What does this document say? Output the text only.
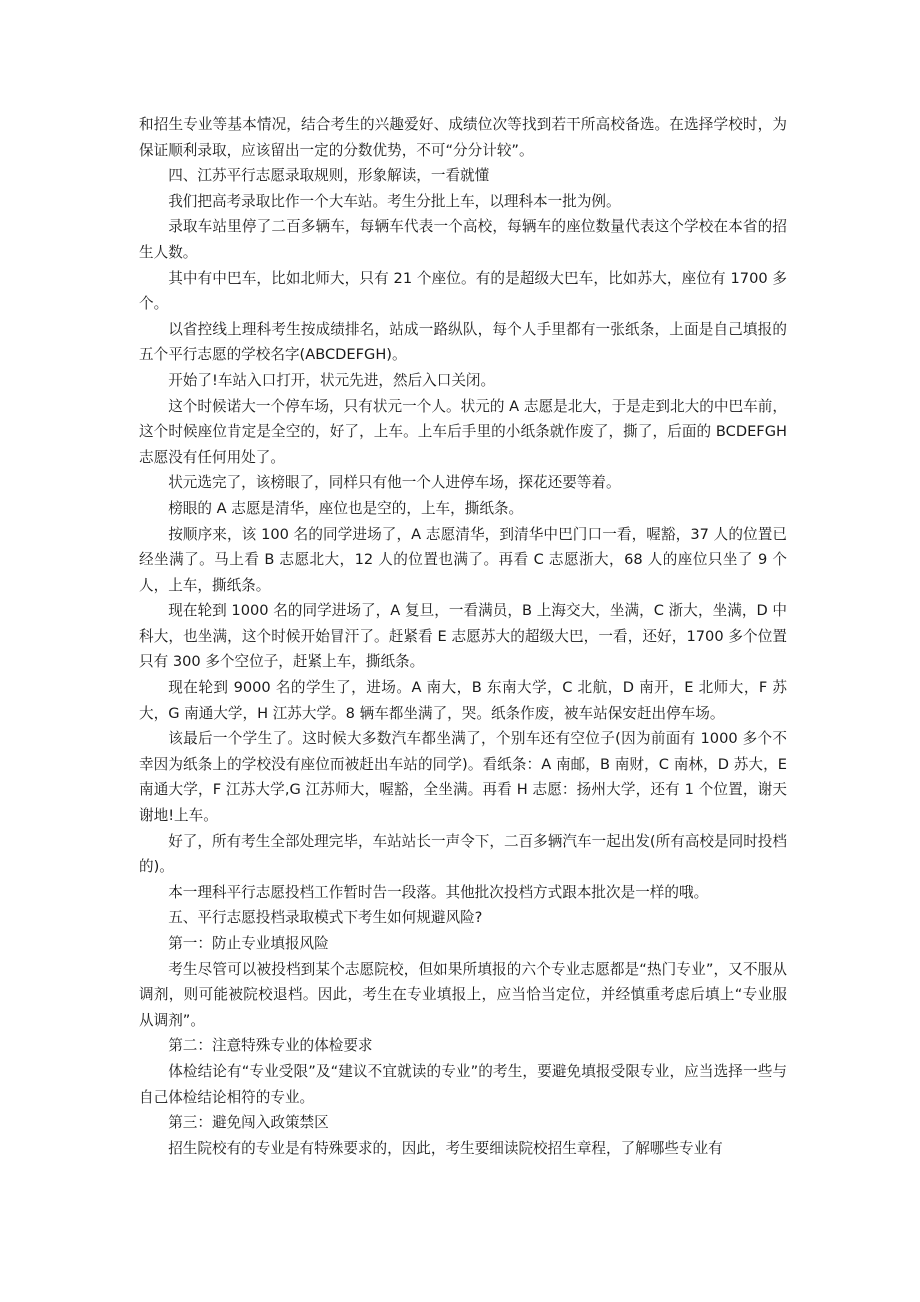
和招生专业等基本情况，结合考生的兴趣爱好、成绩位次等找到若干所高校备选。在选择学校时，为保证顺利录取，应该留出一定的分数优势，不可“分分计较”。

四、江苏平行志愿录取规则，形象解读，一看就懂

我们把高考录取比作一个大车站。考生分批上车，以理科本一批为例。

录取车站里停了二百多辆车，每辆车代表一个高校，每辆车的座位数量代表这个学校在本省的招生人数。

其中有中巴车，比如北师大，只有 21 个座位。有的是超级大巴车，比如苏大，座位有 1700 多个。

以省控线上理科考生按成绩排名，站成一路纵队，每个人手里都有一张纸条，上面是自己填报的五个平行志愿的学校名字(ABCDEFGH)。

开始了!车站入口打开，状元先进，然后入口关闭。

这个时候诺大一个停车场，只有状元一个人。状元的 A 志愿是北大，于是走到北大的中巴车前，这个时候座位肯定是全空的，好了，上车。上车后手里的小纸条就作废了，撕了，后面的 BCDEFGH 志愿没有任何用处了。

状元选完了，该榜眼了，同样只有他一个人进停车场，探花还要等着。

榜眼的 A 志愿是清华，座位也是空的，上车，撕纸条。

按顺序来，该 100 名的同学进场了，A 志愿清华，到清华中巴门口一看，喔豁，37 人的位置已经坐满了。马上看 B 志愿北大，12 人的位置也满了。再看 C 志愿浙大，68 人的座位只坐了 9 个人，上车，撕纸条。

现在轮到 1000 名的同学进场了，A 复旦，一看满员，B 上海交大，坐满，C 浙大，坐满，D 中科大，也坐满，这个时候开始冒汗了。赶紧看 E 志愿苏大的超级大巴，一看，还好，1700 多个位置只有 300 多个空位子，赶紧上车，撕纸条。

现在轮到 9000 名的学生了，进场。A 南大，B 东南大学，C 北航，D 南开，E 北师大，F 苏大，G 南通大学，H 江苏大学。8 辆车都坐满了，哭。纸条作废，被车站保安赶出停车场。

该最后一个学生了。这时候大多数汽车都坐满了，个别车还有空位子(因为前面有 1000 多个不幸因为纸条上的学校没有座位而被赶出车站的同学)。看纸条：A 南邮，B 南财，C 南林，D 苏大，E 南通大学，F 江苏大学,G 江苏师大，喔豁，全坐满。再看 H 志愿：扬州大学，还有 1 个位置，谢天谢地!上车。

好了，所有考生全部处理完毕，车站站长一声令下，二百多辆汽车一起出发(所有高校是同时投档的)。

本一理科平行志愿投档工作暂时告一段落。其他批次投档方式跟本批次是一样的哦。

五、平行志愿投档录取模式下考生如何规避风险?

第一：防止专业填报风险

考生尽管可以被投档到某个志愿院校，但如果所填报的六个专业志愿都是“热门专业”，又不服从调剂，则可能被院校退档。因此，考生在专业填报上，应当恰当定位，并经慎重考虑后填上“专业服从调剂”。

第二：注意特殊专业的体检要求

体检结论有“专业受限”及“建议不宜就读的专业”的考生，要避免填报受限专业，应当选择一些与自己体检结论相符的专业。

第三：避免闯入政策禁区

招生院校有的专业是有特殊要求的，因此，考生要细读院校招生章程，了解哪些专业有
